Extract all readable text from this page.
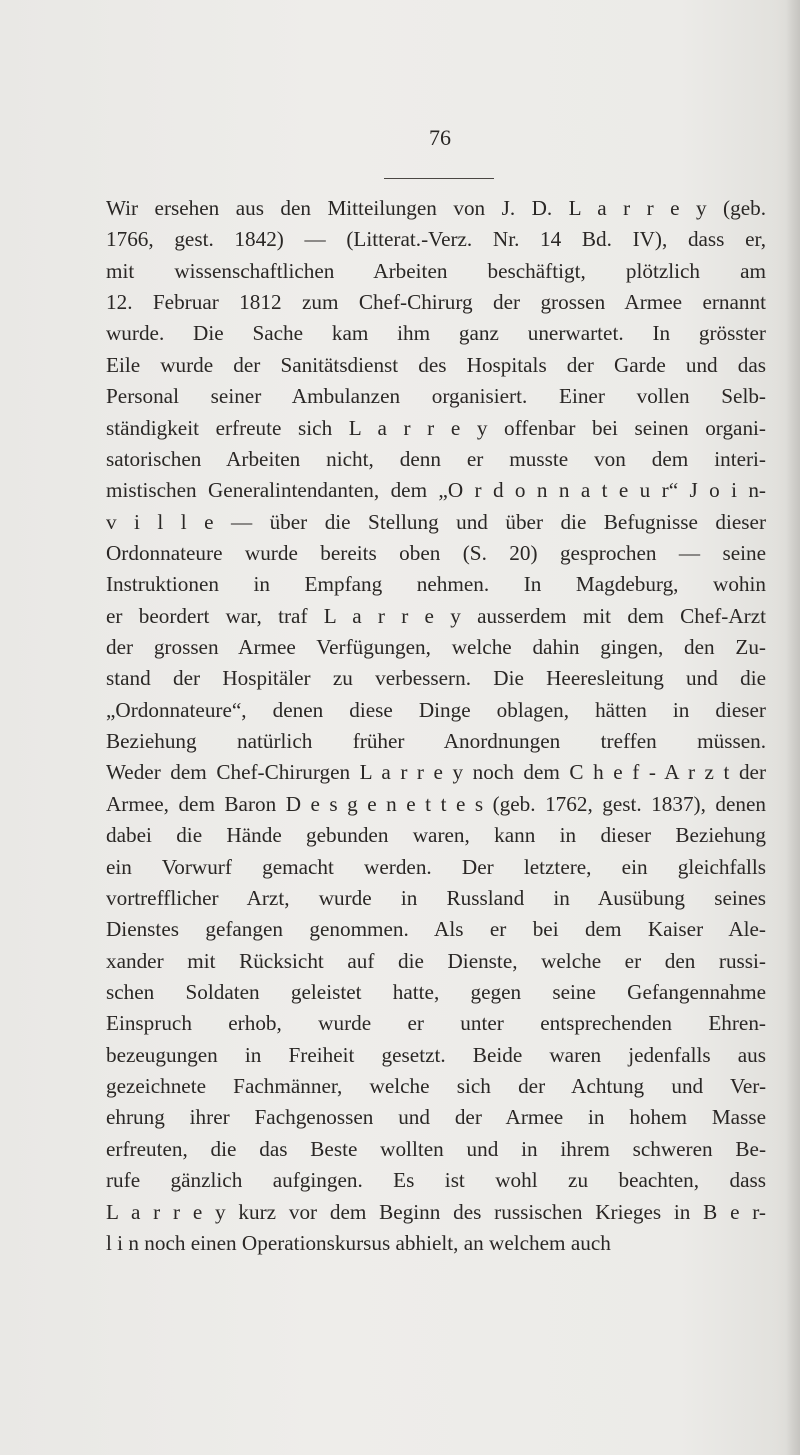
76
Wir ersehen aus den Mitteilungen von J. D. L a r r e y (geb.
1766, gest. 1842) — (Litterat.-Verz. Nr. 14 Bd. IV), dass er,
mit wissenschaftlichen Arbeiten beschäftigt, plötzlich am
12. Februar 1812 zum Chef-Chirurg der grossen Armee ernannt
wurde. Die Sache kam ihm ganz unerwartet. In grösster
Eile wurde der Sanitätsdienst des Hospitals der Garde und das
Personal seiner Ambulanzen organisiert. Einer vollen Selb-
ständigkeit erfreute sich L a r r e y offenbar bei seinen organi-
satorischen Arbeiten nicht, denn er musste von dem interi-
mistischen Generalintendanten, dem „O r d o n n a t e u r“ J o i n-
v i l l e — über die Stellung und über die Befugnisse dieser
Ordonnateure wurde bereits oben (S. 20) gesprochen — seine
Instruktionen in Empfang nehmen. In Magdeburg, wohin
er beordert war, traf L a r r e y ausserdem mit dem Chef-Arzt
der grossen Armee Verfügungen, welche dahin gingen, den Zu-
stand der Hospitäler zu verbessern. Die Heeresleitung und die
„Ordonnateure“, denen diese Dinge oblagen, hätten in dieser
Beziehung natürlich früher Anordnungen treffen müssen.
Weder dem Chef-Chirurgen L a r r e y noch dem C h e f - A r z t der
Armee, dem Baron D e s g e n e t t e s (geb. 1762, gest. 1837), denen
dabei die Hände gebunden waren, kann in dieser Beziehung
ein Vorwurf gemacht werden. Der letztere, ein gleichfalls
vortrefflicher Arzt, wurde in Russland in Ausübung seines
Dienstes gefangen genommen. Als er bei dem Kaiser Ale-
xander mit Rücksicht auf die Dienste, welche er den russi-
schen Soldaten geleistet hatte, gegen seine Gefangennahme
Einspruch erhob, wurde er unter entsprechenden Ehren-
bezeugungen in Freiheit gesetzt. Beide waren jedenfalls aus
gezeichnete Fachmänner, welche sich der Achtung und Ver-
ehrung ihrer Fachgenossen und der Armee in hohem Masse
erfreuten, die das Beste wollten und in ihrem schweren Be-
rufe gänzlich aufgingen. Es ist wohl zu beachten, dass
L a r r e y kurz vor dem Beginn des russischen Krieges in B e r-
l i n noch einen Operationskursus abhielt, an welchem auch
